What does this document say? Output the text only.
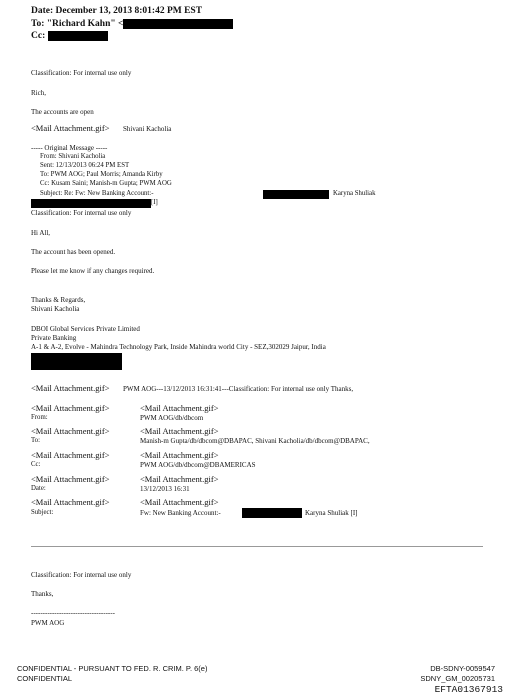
Date: December 13, 2013 8:01:42 PM EST
To: "Richard Kahn" <
Cc:
Classification: For internal use only
Rich,
The accounts are open
<Mail Attachment.gif> Shivani Kacholia
----- Original Message -----
From: Shivani Kacholia
Sent: 12/13/2013 06:24 PM EST
To: PWM AOG; Paul Morris; Amanda Kirby
Cc: Kusam Saini; Manish-m Gupta; PWM AOG
Subject: Re: Fw: New Banking Account:-	Karyna Shuliak
[I]
Classification: For internal use only
Hi All,
The account has been opened.
Please let me know if any changes required.
Thanks & Regards,
Shivani Kacholia
DBOI Global Services Private Limited
Private Banking
A-1 & A-2, Evolve - Mahindra Technology Park, Inside Mahindra world City - SEZ,302029 Jaipur, India
<Mail Attachment.gif> PWM AOG---13/12/2013 16:31:41---Classification: For internal use only Thanks,
<Mail Attachment.gif>	<Mail Attachment.gif>
From:	PWM AOG/db/dbcom
<Mail Attachment.gif>	<Mail Attachment.gif>
To:	Manish-m Gupta/db/dbcom@DBAPAC, Shivani Kacholia/db/dbcom@DBAPAC,
<Mail Attachment.gif>	<Mail Attachment.gif>
Cc:	PWM AOG/db/dbcom@DBAMERICAS
<Mail Attachment.gif>	<Mail Attachment.gif>
Date:	13/12/2013 16:31
<Mail Attachment.gif>	<Mail Attachment.gif>
Subject:	Fw: New Banking Account:-	Karyna Shuliak [I]
Classification: For internal use only
Thanks,
------------------------------------
PWM AOG
CONFIDENTIAL - PURSUANT TO FED. R. CRIM. P. 6(e)
CONFIDENTIAL
DB-SDNY-0059547
SDNY_GM_00205731
EFTA01367913
